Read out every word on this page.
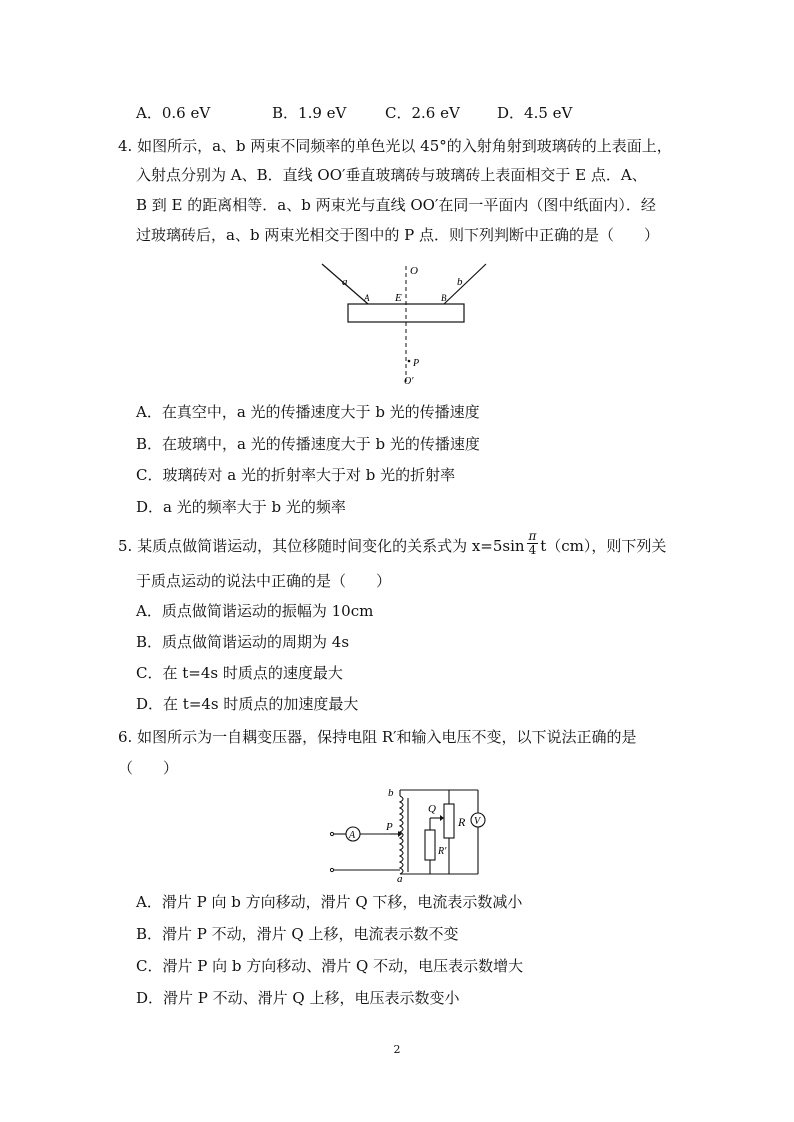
A．0.6 eV	B．1.9 eV	C．2.6 eV D．4.5 eV
4. 如图所示，a、b 两束不同频率的单色光以 45°的入射角射到玻璃砖的上表面上，
入射点分别为 A、B．直线 OO′垂直玻璃砖与玻璃砖上表面相交于 E 点．A、
B 到 E 的距离相等．a、b 两束光与直线 OO′在同一平面内（图中纸面内）．经
过玻璃砖后，a、b 两束光相交于图中的 P 点．则下列判断中正确的是（　　）
a
A E
O
B
b
P
O′
A．在真空中，a 光的传播速度大于 b 光的传播速度
B．在玻璃中，a 光的传播速度大于 b 光的传播速度
C．玻璃砖对 a 光的折射率大于对 b 光的折射率
D．a 光的频率大于 b 光的频率
5. 某质点做简谐运动，其位移随时间变化的关系式为 $x=5\sin \frac{\pi}{4} t(cm)$，则下列关
于质点运动的说法中正确的是（　　）
A．质点做简谐运动的振幅为 10cm
B．质点做简谐运动的周期为 4s
C．在 t=4s 时质点的速度最大
D．在 t=4s 时质点的加速度最大
6. 如图所示为一自耦变压器，保持电阻 R′和输入电压不变，以下说法正确的是
（　　）
b
Q
R V
A
P
R′
a
A．滑片 P 向 b 方向移动，滑片 Q 下移，电流表示数减小
B．滑片 P 不动，滑片 Q 上移，电流表示数不变
C．滑片 P 向 b 方向移动、滑片 Q 不动，电压表示数增大
D．滑片 P 不动、滑片 Q 上移，电压表示数变小
2
